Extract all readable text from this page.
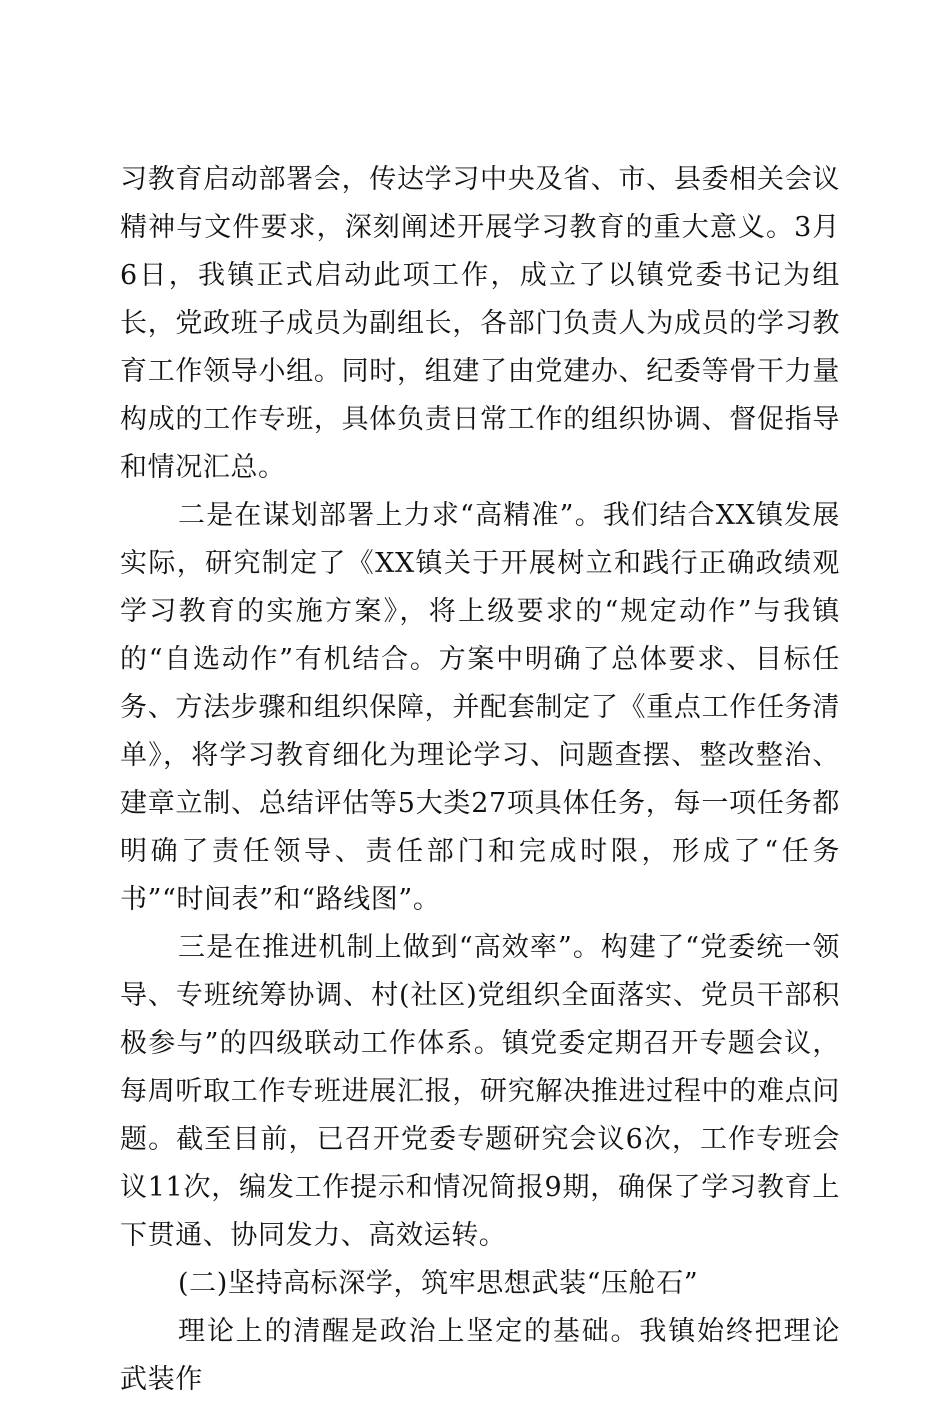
习教育启动部署会，传达学习中央及省、市、县委相关会议精神与文件要求，深刻阐述开展学习教育的重大意义。3月6日，我镇正式启动此项工作，成立了以镇党委书记为组长，党政班子成员为副组长，各部门负责人为成员的学习教育工作领导小组。同时，组建了由党建办、纪委等骨干力量构成的工作专班，具体负责日常工作的组织协调、督促指导和情况汇总。

二是在谋划部署上力求“高精准”。我们结合XX镇发展实际，研究制定了《XX镇关于开展树立和践行正确政绩观学习教育的实施方案》，将上级要求的“规定动作”与我镇的“自选动作”有机结合。方案中明确了总体要求、目标任务、方法步骤和组织保障，并配套制定了《重点工作任务清单》，将学习教育细化为理论学习、问题查摆、整改整治、建章立制、总结评估等5大类27项具体任务，每一项任务都明确了责任领导、责任部门和完成时限，形成了“任务书”“时间表”和“路线图”。

三是在推进机制上做到“高效率”。构建了“党委统一领导、专班统筹协调、村(社区)党组织全面落实、党员干部积极参与”的四级联动工作体系。镇党委定期召开专题会议，每周听取工作专班进展汇报，研究解决推进过程中的难点问题。截至目前，已召开党委专题研究会议6次，工作专班会议11次，编发工作提示和情况简报9期，确保了学习教育上下贯通、协同发力、高效运转。

(二)坚持高标深学，筑牢思想武装“压舱石”

理论上的清醒是政治上坚定的基础。我镇始终把理论武装作
